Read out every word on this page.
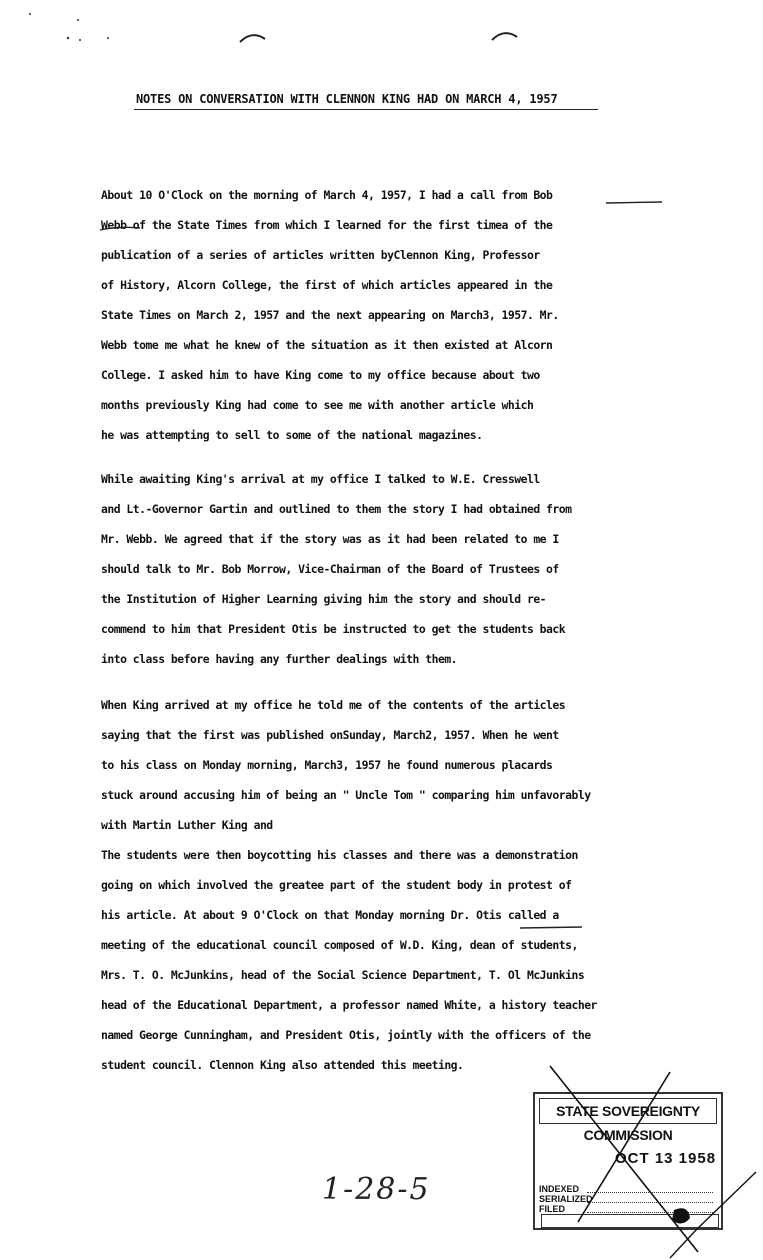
NOTES ON CONVERSATION WITH CLENNON KING HAD ON MARCH 4, 1957
About 10 O'Clock on the morning of March 4, 1957, I had a call from Bob
Webb of the State Times from which I learned for the first timea of the
publication of a series of articles written byClennon King, Professor
of History, Alcorn College, the first of which articles appeared in the
State Times on March 2, 1957 and the next appearing on March3, 1957. Mr.
Webb tome me what he knew of the situation as it then existed at Alcorn
College. I asked him to have King come to my office because about two
months previously King had come to see me with another article which
he was attempting to sell to some of the national magazines.
While awaiting King's arrival at my office I talked to W.E. Cresswell
and Lt.-Governor Gartin and outlined to them the story I had obtained from
Mr. Webb. We agreed that if the story was as it had been related to me I
should talk to Mr. Bob Morrow, Vice-Chairman of the Board of Trustees of
the Institution of Higher Learning giving him the story and should re-
commend to him that President Otis be instructed to get the students back
into class before having any further dealings with them.
When King arrived at my office he told me of the contents of the articles
saying that the first was published onSunday, March2, 1957. When he went
to his class on Monday morning, March3, 1957 he found numerous placards
stuck around accusing him of being an " Uncle Tom " comparing him unfavorably
with Martin Luther King and
The students were then boycotting his classes and there was a demonstration
going on which involved the greatee part of the student body in protest of
his article. At about 9 O'Clock on that Monday morning Dr. Otis called a
meeting of the educational council composed of W.D. King, dean of students,
Mrs. T. O. McJunkins, head of the Social Science Department, T. Ol McJunkins
head of the Educational Department, a professor named White, a history teacher
named George Cunningham, and President Otis, jointly with the officers of the
student council. Clennon King also attended this meeting.
1-28-5
STATE SOVEREIGNTY COMMISSION
OCT 13 1958
INDEXED
SERIALIZED
FILED
